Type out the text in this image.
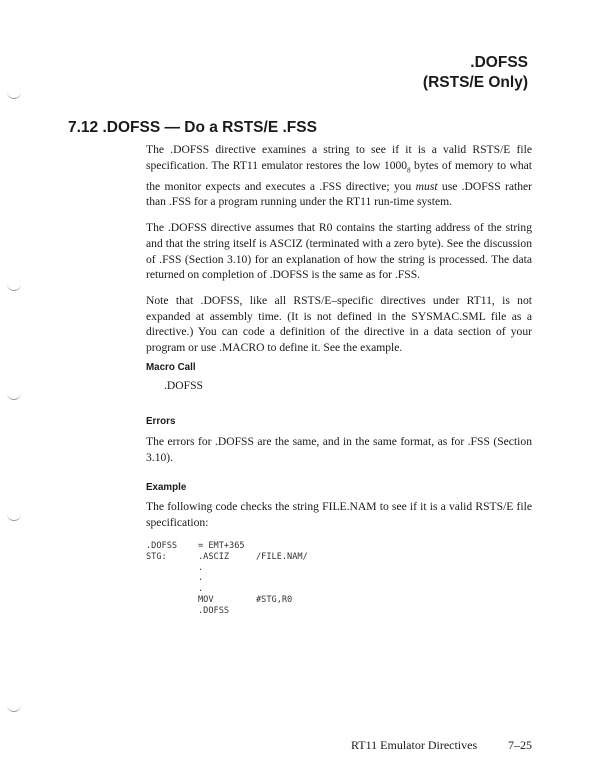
.DOFSS
(RSTS/E Only)
7.12 .DOFSS — Do a RSTS/E .FSS

The .DOFSS directive examines a string to see if it is a valid RSTS/E file specification. The RT11 emulator restores the low $1000_8$ bytes of memory to what the monitor expects and executes a .FSS directive; you must use .DOFSS rather than .FSS for a program running under the RT11 run-time system.

The .DOFSS directive assumes that R0 contains the starting address of the string and that the string itself is ASCIZ (terminated with a zero byte). See the discussion of .FSS (Section 3.10) for an explanation of how the string is processed. The data returned on completion of .DOFSS is the same as for .FSS.

Note that .DOFSS, like all RSTS/E–specific directives under RT11, is not expanded at assembly time. (It is not defined in the SYSMAC.SML file as a directive.) You can code a definition of the directive in a data section of your program or use .MACRO to define it. See the example.

Macro Call
.DOFSS
Errors

The errors for .DOFSS are the same, and in the same format, as for .FSS (Section 3.10).

Example

The following code checks the string FILE.NAM to see if it is a valid RSTS/E file specification:

.DOFSS = EMT+365
STG:	.ASCIZ	/FILE.NAM/
.
.
.
MOV	#STG,R0
.DOFSS
RT11 Emulator Directives	7–25
